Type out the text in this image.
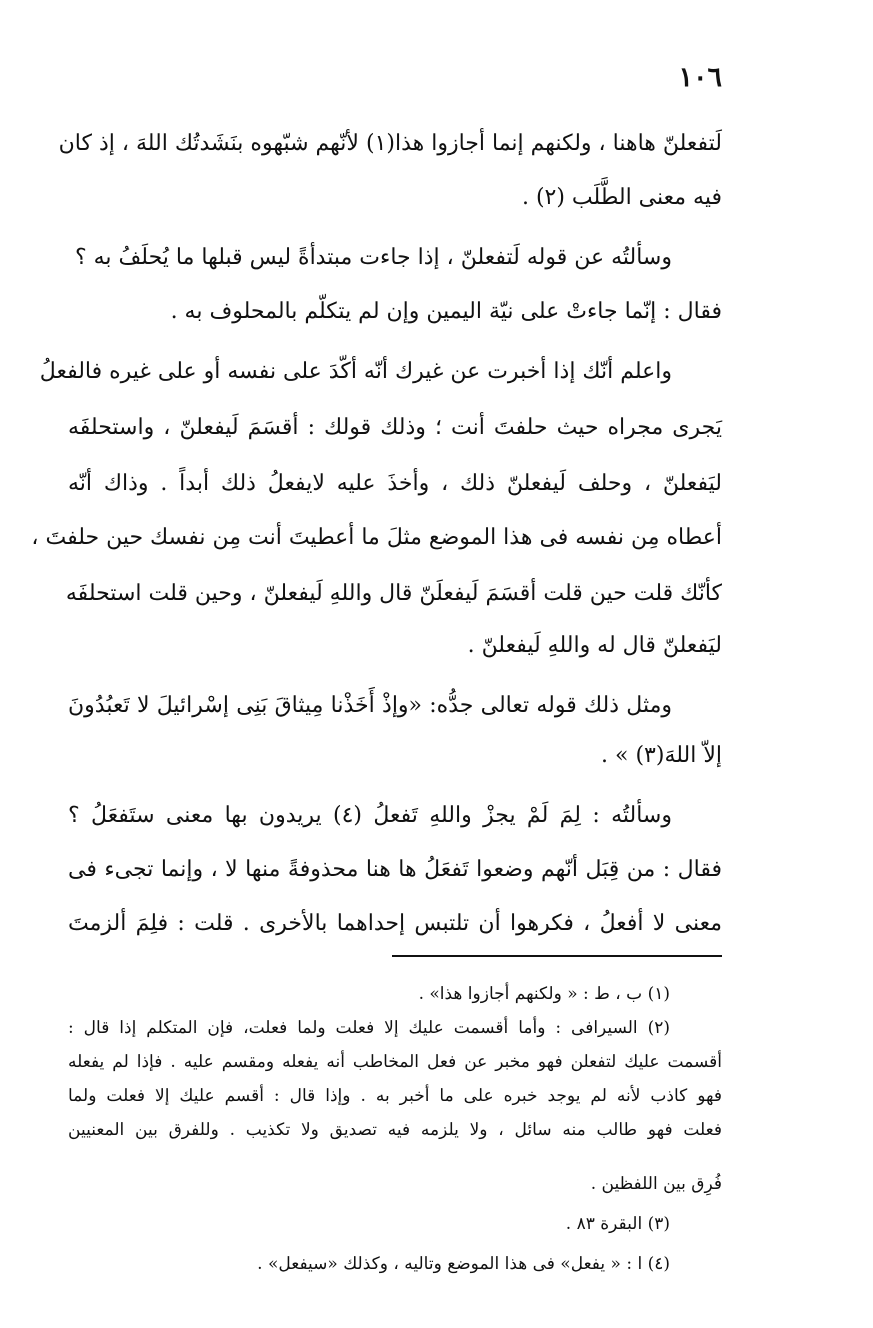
١٠٦
لَتفعلنّ هاهنا ، ولكنهم إنما أجازوا هذا(١) لأنّهم شبّهوه بنَشَدتُك اللهَ ، إذ كان
فيه معنى الطَّلَب (٢) .
وسألتُه عن قوله لَتفعلنّ ، إذا جاءت مبتدأةً ليس قبلها ما يُحلَفُ به ؟
فقال : إنّما جاءتْ على نيّة اليمين وإن لم يتكلّم بالمحلوف به .
واعلم أنّك إذا أخبرت عن غيرك أنّه أكّدَ على نفسه أو على غيره فالفعلُ
يَجرى مجراه حيث حلفتَ أنت ؛ وذلك قولك : أقسَمَ لَيفعلنّ ، واستحلفَه
ليَفعلنّ ، وحلف لَيفعلنّ ذلك ، وأخذَ عليه لايفعلُ ذلك أبداً . وذاك أنّه
أعطاه مِن نفسه فى هذا الموضع مثلَ ما أعطيتَ أنت مِن نفسك حين حلفتَ ،
كأنّك قلت حين قلت أقسَمَ لَيفعلَنّ قال واللهِ لَيفعلنّ ، وحين قلت استحلفَه
ليَفعلنّ قال له واللهِ لَيفعلنّ .
ومثل ذلك قوله تعالى جدُّه: «وإذْ أَخَذْنا مِيثاقَ بَنِى إسْرائيلَ لا تَعبُدُونَ
إلاّ اللهَ(٣) » .
وسألتُه : لِمَ لَمْ يجزْ واللهِ تَفعلُ (٤) يريدون بها معنى ستَفعَلُ ؟
فقال : من قِبَل أنّهم وضعوا تَفعَلُ ها هنا محذوفةً منها لا ، وإنما تجىء فى
معنى لا أفعلُ ، فكرهوا أن تلتبس إحداهما بالأخرى . قلت : فلِمَ ألزمتَ
(١) ب ، ط : « ولكنهم أجازوا هذا» .
(٢) السيرافى : وأما أقسمت عليك إلا فعلت ولما فعلت، فإن المتكلم إذا قال :
أقسمت عليك لتفعلن فهو مخبر عن فعل المخاطب أنه يفعله ومقسم عليه . فإذا لم يفعله
فهو كاذب لأنه لم يوجد خبره على ما أخبر به . وإذا قال : أقسم عليك إلا فعلت ولما
فعلت فهو طالب منه سائل ، ولا يلزمه فيه تصديق ولا تكذيب . وللفرق بين المعنيين
فُرِق بين اللفظين .
(٣) البقرة ٨٣ .
(٤) ا : « يفعل» فى هذا الموضع وتاليه ، وكذلك «سيفعل» .
